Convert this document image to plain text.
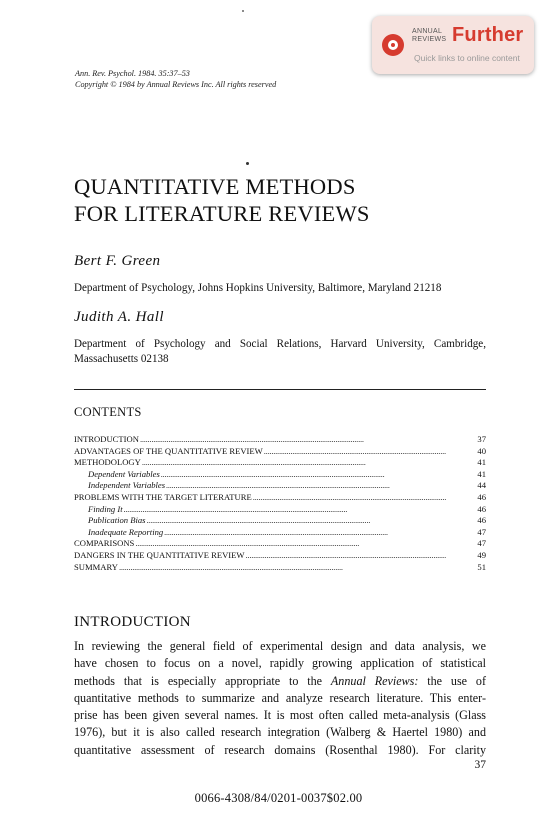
ANNUAL
REVIEWS Further
Quick links to online content
Ann. Rev. Psychol. 1984. 35:37–53
Copyright © 1984 by Annual Reviews Inc. All rights reserved
QUANTITATIVE METHODS
FOR LITERATURE REVIEWS
Bert F. Green
Department of Psychology, Johns Hopkins University, Baltimore, Maryland 21218
Judith A. Hall
Department of Psychology and Social Relations, Harvard University, Cambridge,
Massachusetts 02138
CONTENTS
INTRODUCTION . . .	37
ADVANTAGES OF THE QUANTITATIVE REVIEW . . .	40
METHODOLOGY . . .	41
Dependent Variables . . .	41
Independent Variables . . .	44
PROBLEMS WITH THE TARGET LITERATURE . . .	46
Finding It . . .	46
Publication Bias . . .	46
Inadequate Reporting . . .	47
COMPARISONS . . .	47
DANGERS IN THE QUANTITATIVE REVIEW . . .	49
SUMMARY . . .	51
INTRODUCTION
In reviewing the general field of experimental design and data analysis, we
have chosen to focus on a novel, rapidly growing application of statistical
methods that is especially appropriate to the Annual Reviews: the use of
quantitative methods to summarize and analyze research literature. This enter-
prise has been given several names. It is most often called meta-analysis (Glass
1976), but it is also called research integration (Walberg & Haertel 1980) and
quantitative assessment of research domains (Rosenthal 1980). For clarity
37
0066-4308/84/0201-0037$02.00
